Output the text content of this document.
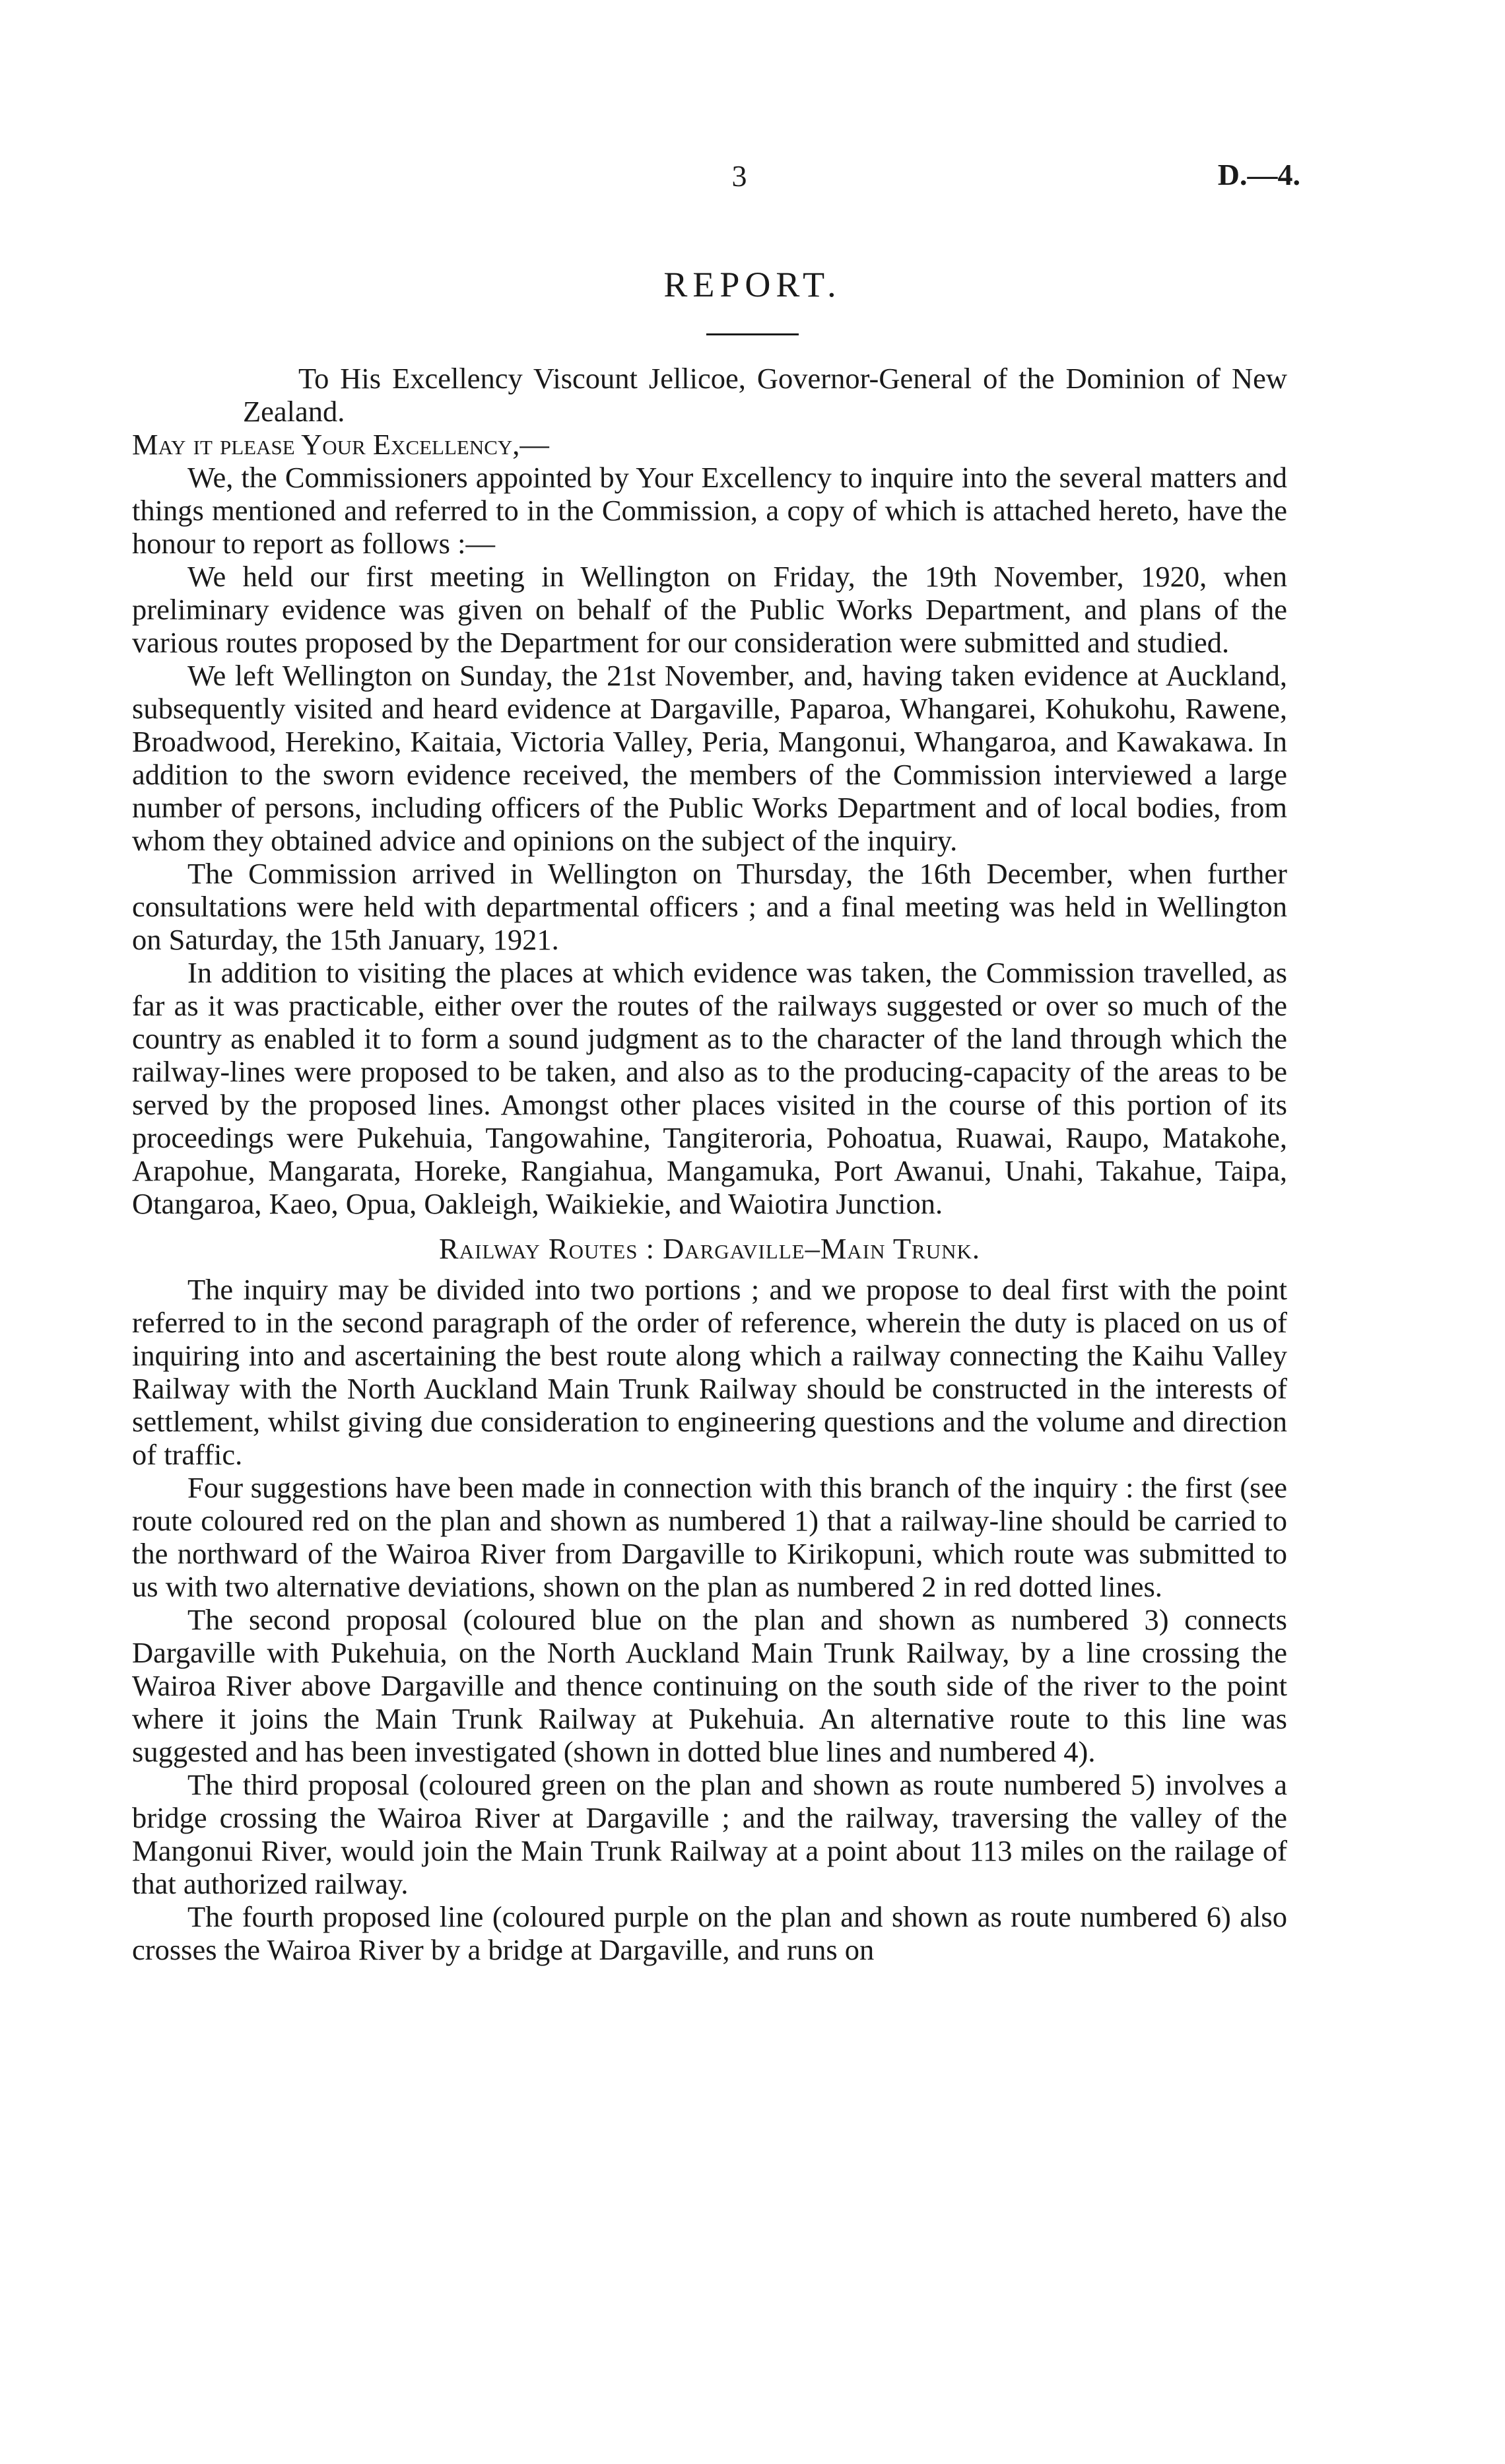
3	D.—4.
REPORT.

To His Excellency Viscount Jellicoe, Governor-General of the Dominion of New Zealand.

May it please Your Excellency,—

We, the Commissioners appointed by Your Excellency to inquire into the several matters and things mentioned and referred to in the Commission, a copy of which is attached hereto, have the honour to report as follows :—

We held our first meeting in Wellington on Friday, the 19th November, 1920, when preliminary evidence was given on behalf of the Public Works Department, and plans of the various routes proposed by the Department for our consideration were submitted and studied.

We left Wellington on Sunday, the 21st November, and, having taken evidence at Auckland, subsequently visited and heard evidence at Dargaville, Paparoa, Whangarei, Kohukohu, Rawene, Broadwood, Herekino, Kaitaia, Victoria Valley, Peria, Mangonui, Whangaroa, and Kawakawa. In addition to the sworn evidence received, the members of the Commission interviewed a large number of persons, including officers of the Public Works Department and of local bodies, from whom they obtained advice and opinions on the subject of the inquiry.

The Commission arrived in Wellington on Thursday, the 16th December, when further consultations were held with departmental officers ; and a final meeting was held in Wellington on Saturday, the 15th January, 1921.

In addition to visiting the places at which evidence was taken, the Commission travelled, as far as it was practicable, either over the routes of the railways suggested or over so much of the country as enabled it to form a sound judgment as to the character of the land through which the railway-lines were proposed to be taken, and also as to the producing-capacity of the areas to be served by the proposed lines. Amongst other places visited in the course of this portion of its proceedings were Pukehuia, Tangowahine, Tangiteroria, Pohoatua, Ruawai, Raupo, Matakohe, Arapohue, Mangarata, Horeke, Rangiahua, Mangamuka, Port Awanui, Unahi, Takahue, Taipa, Otangaroa, Kaeo, Opua, Oakleigh, Waikiekie, and Waiotira Junction.

Railway Routes : Dargaville–Main Trunk.

The inquiry may be divided into two portions ; and we propose to deal first with the point referred to in the second paragraph of the order of reference, wherein the duty is placed on us of inquiring into and ascertaining the best route along which a railway connecting the Kaihu Valley Railway with the North Auckland Main Trunk Railway should be constructed in the interests of settlement, whilst giving due consideration to engineering questions and the volume and direction of traffic.

Four suggestions have been made in connection with this branch of the inquiry : the first (see route coloured red on the plan and shown as numbered 1) that a railway-line should be carried to the northward of the Wairoa River from Dargaville to Kirikopuni, which route was submitted to us with two alternative deviations, shown on the plan as numbered 2 in red dotted lines.

The second proposal (coloured blue on the plan and shown as numbered 3) connects Dargaville with Pukehuia, on the North Auckland Main Trunk Railway, by a line crossing the Wairoa River above Dargaville and thence continuing on the south side of the river to the point where it joins the Main Trunk Railway at Pukehuia. An alternative route to this line was suggested and has been investigated (shown in dotted blue lines and numbered 4).

The third proposal (coloured green on the plan and shown as route numbered 5) involves a bridge crossing the Wairoa River at Dargaville ; and the railway, traversing the valley of the Mangonui River, would join the Main Trunk Railway at a point about 113 miles on the railage of that authorized railway.

The fourth proposed line (coloured purple on the plan and shown as route numbered 6) also crosses the Wairoa River by a bridge at Dargaville, and runs on
